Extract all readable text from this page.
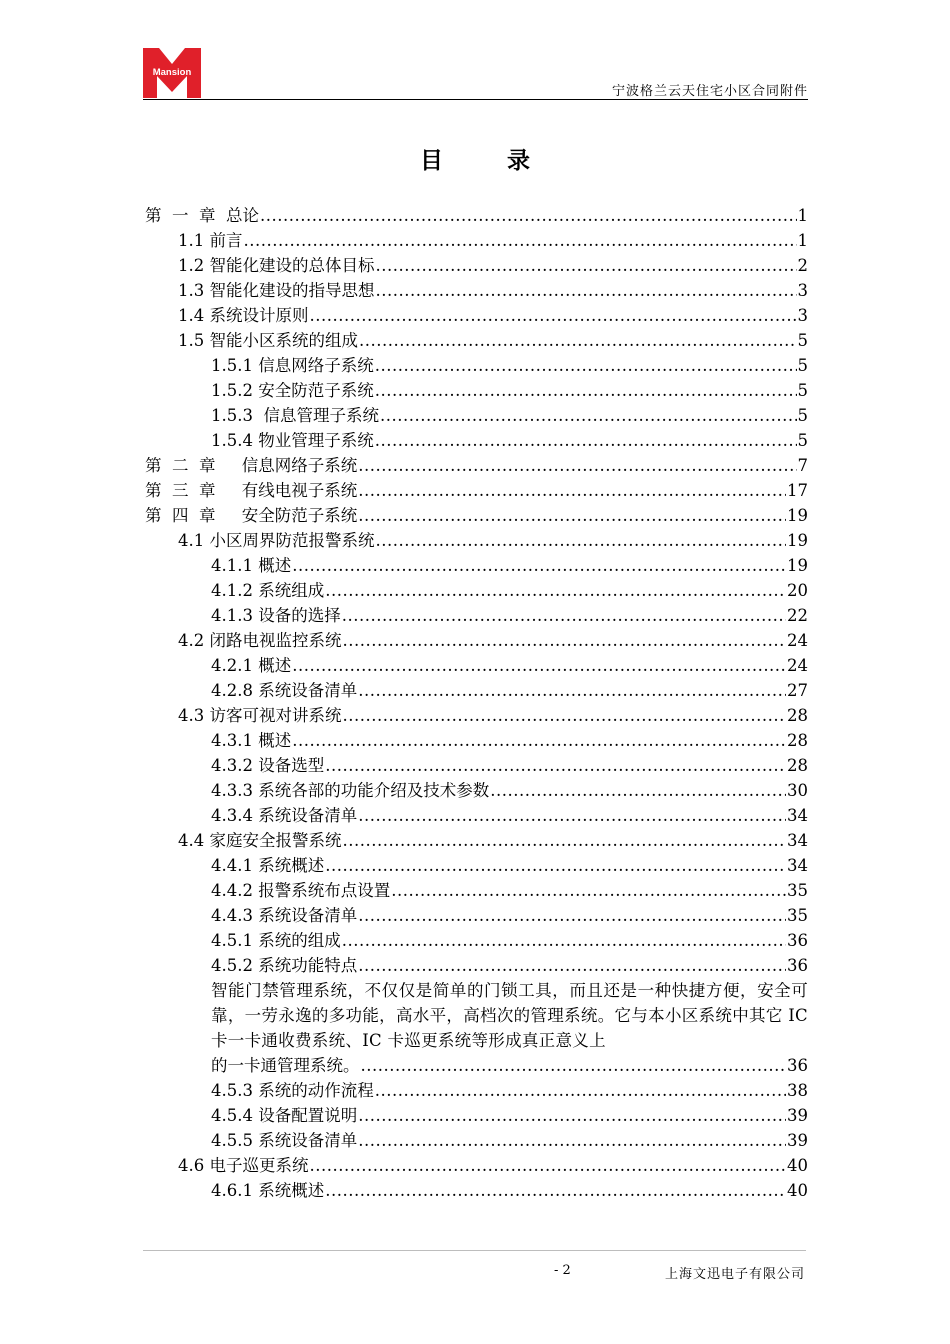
Mansion
宁波格兰云天住宅小区合同附件
目 录
第  一  章  总论 .....	1
1.1 前言 .....	1
1.2 智能化建设的总体目标 .....	2
1.3 智能化建设的指导思想 .....	3
1.4 系统设计原则 .....	3
1.5 智能小区系统的组成 .....	5
1.5.1 信息网络子系统 .....	5
1.5.2 安全防范子系统 .....	5
1.5.3  信息管理子系统 .....	5
1.5.4 物业管理子系统 .....	5
第  二  章     信息网络子系统 .....	7
第  三  章     有线电视子系统 .....	17
第  四  章     安全防范子系统 .....	19
4.1 小区周界防范报警系统 .....	19
4.1.1 概述 .....	19
4.1.2 系统组成 .....	20
4.1.3 设备的选择 .....	22
4.2 闭路电视监控系统 .....	24
4.2.1 概述 .....	24
4.2.8 系统设备清单 .....	27
4.3 访客可视对讲系统 .....	28
4.3.1 概述 .....	28
4.3.2 设备选型 .....	28
4.3.3 系统各部的功能介绍及技术参数 .....	30
4.3.4 系统设备清单 .....	34
4.4 家庭安全报警系统 .....	34
4.4.1 系统概述 .....	34
4.4.2 报警系统布点设置 .....	35
4.4.3 系统设备清单 .....	35
4.5.1 系统的组成 .....	36
4.5.2 系统功能特点 .....	36
智能门禁管理系统，不仅仅是简单的门锁工具，而且还是一种快捷方便，安全可靠，一劳永逸的多功能，高水平，高档次的管理系统。它与本小区系统中其它 IC 卡一卡通收费系统、IC 卡巡更系统等形成真正意义上
的一卡通管理系统。 .....	36
4.5.3 系统的动作流程 .....	38
4.5.4 设备配置说明 .....	39
4.5.5 系统设备清单 .....	39
4.6 电子巡更系统 .....	40
4.6.1 系统概述 .....	40
- 2	上海文迅电子有限公司
